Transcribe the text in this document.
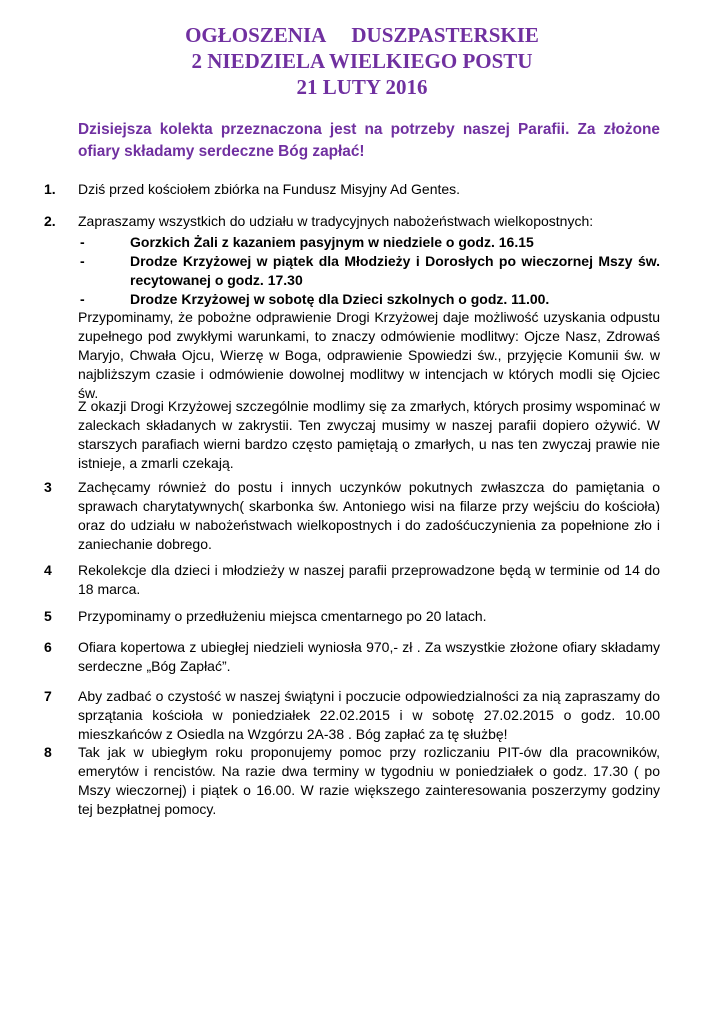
OGŁOSZENIA     DUSZPASTERSKIE
2 NIEDZIELA WIELKIEGO POSTU
21 LUTY 2016
Dzisiejsza kolekta przeznaczona jest na potrzeby naszej Parafii. Za złożone ofiary składamy serdeczne Bóg zapłać!
1. Dziś przed kościołem zbiórka na Fundusz Misyjny Ad Gentes.
2. Zapraszamy wszystkich do udziału w tradycyjnych nabożeństwach wielkopostnych:
-	Gorzkich Żali z kazaniem pasyjnym w niedziele o godz. 16.15
-	Drodze Krzyżowej w piątek dla Młodzieży i Dorosłych po wieczornej Mszy św. recytowanej o godz. 17.30
-	Drodze Krzyżowej w sobotę dla Dzieci szkolnych o godz. 11.00.
Przypominamy, że pobożne odprawienie Drogi Krzyżowej daje możliwość uzyskania odpustu zupełnego pod zwykłymi warunkami, to znaczy odmówienie modlitwy: Ojcze Nasz, Zdrowaś Maryjo, Chwała Ojcu, Wierzę w Boga, odprawienie Spowiedzi św., przyjęcie Komunii św. w najbliższym czasie i odmówienie dowolnej modlitwy w intencjach w których modli się Ojciec św.
Z okazji Drogi Krzyżowej szczególnie modlimy się za zmarłych, których prosimy wspominać w zaleckach składanych w zakrystii. Ten zwyczaj musimy w naszej parafii dopiero ożywić. W starszych parafiach wierni bardzo często pamiętają o zmarłych, u nas ten zwyczaj prawie nie istnieje, a zmarli czekają.
3 Zachęcamy również do postu i innych uczynków pokutnych zwłaszcza do pamiętania o sprawach charytatywnych( skarbonka św. Antoniego wisi na filarze przy wejściu do kościoła) oraz do udziału w nabożeństwach wielkopostnych i do zadośćuczynienia za popełnione zło i zaniechanie dobrego.
4 Rekolekcje dla dzieci i młodzieży w naszej parafii przeprowadzone będą w terminie od 14 do 18 marca.
5 Przypominamy o przedłużeniu miejsca cmentarnego po 20 latach.
6 Ofiara kopertowa z ubiegłej niedzieli wyniosła 970,- zł . Za wszystkie złożone ofiary składamy serdeczne „Bóg Zapłać”.
7 Aby zadbać o czystość w naszej świątyni i poczucie odpowiedzialności za nią zapraszamy do sprzątania kościoła w poniedziałek 22.02.2015 i w sobotę 27.02.2015 o godz. 10.00 mieszkańców z Osiedla na Wzgórzu 2A-38 . Bóg zapłać za tę służbę!
8 Tak jak w ubiegłym roku proponujemy pomoc przy rozliczaniu PIT-ów dla pracowników, emerytów i rencistów. Na razie dwa terminy w tygodniu w poniedziałek o godz. 17.30 ( po Mszy wieczornej) i piątek o 16.00. W razie większego zainteresowania poszerzymy godziny tej bezpłatnej pomocy.
